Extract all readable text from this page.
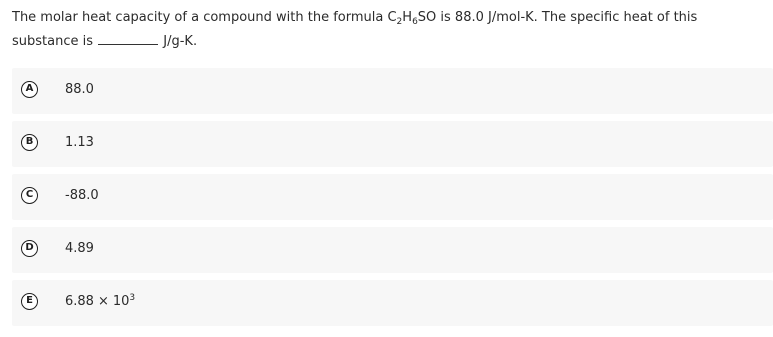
The molar heat capacity of a compound with the formula $C_2H_6SO$ is 88.0 J/mol-K. The specific heat of this substance is	J/g-K.
A	88.0
B	1.13
C	-88.0
D	4.89
E	$6.88 \times 10^3$
